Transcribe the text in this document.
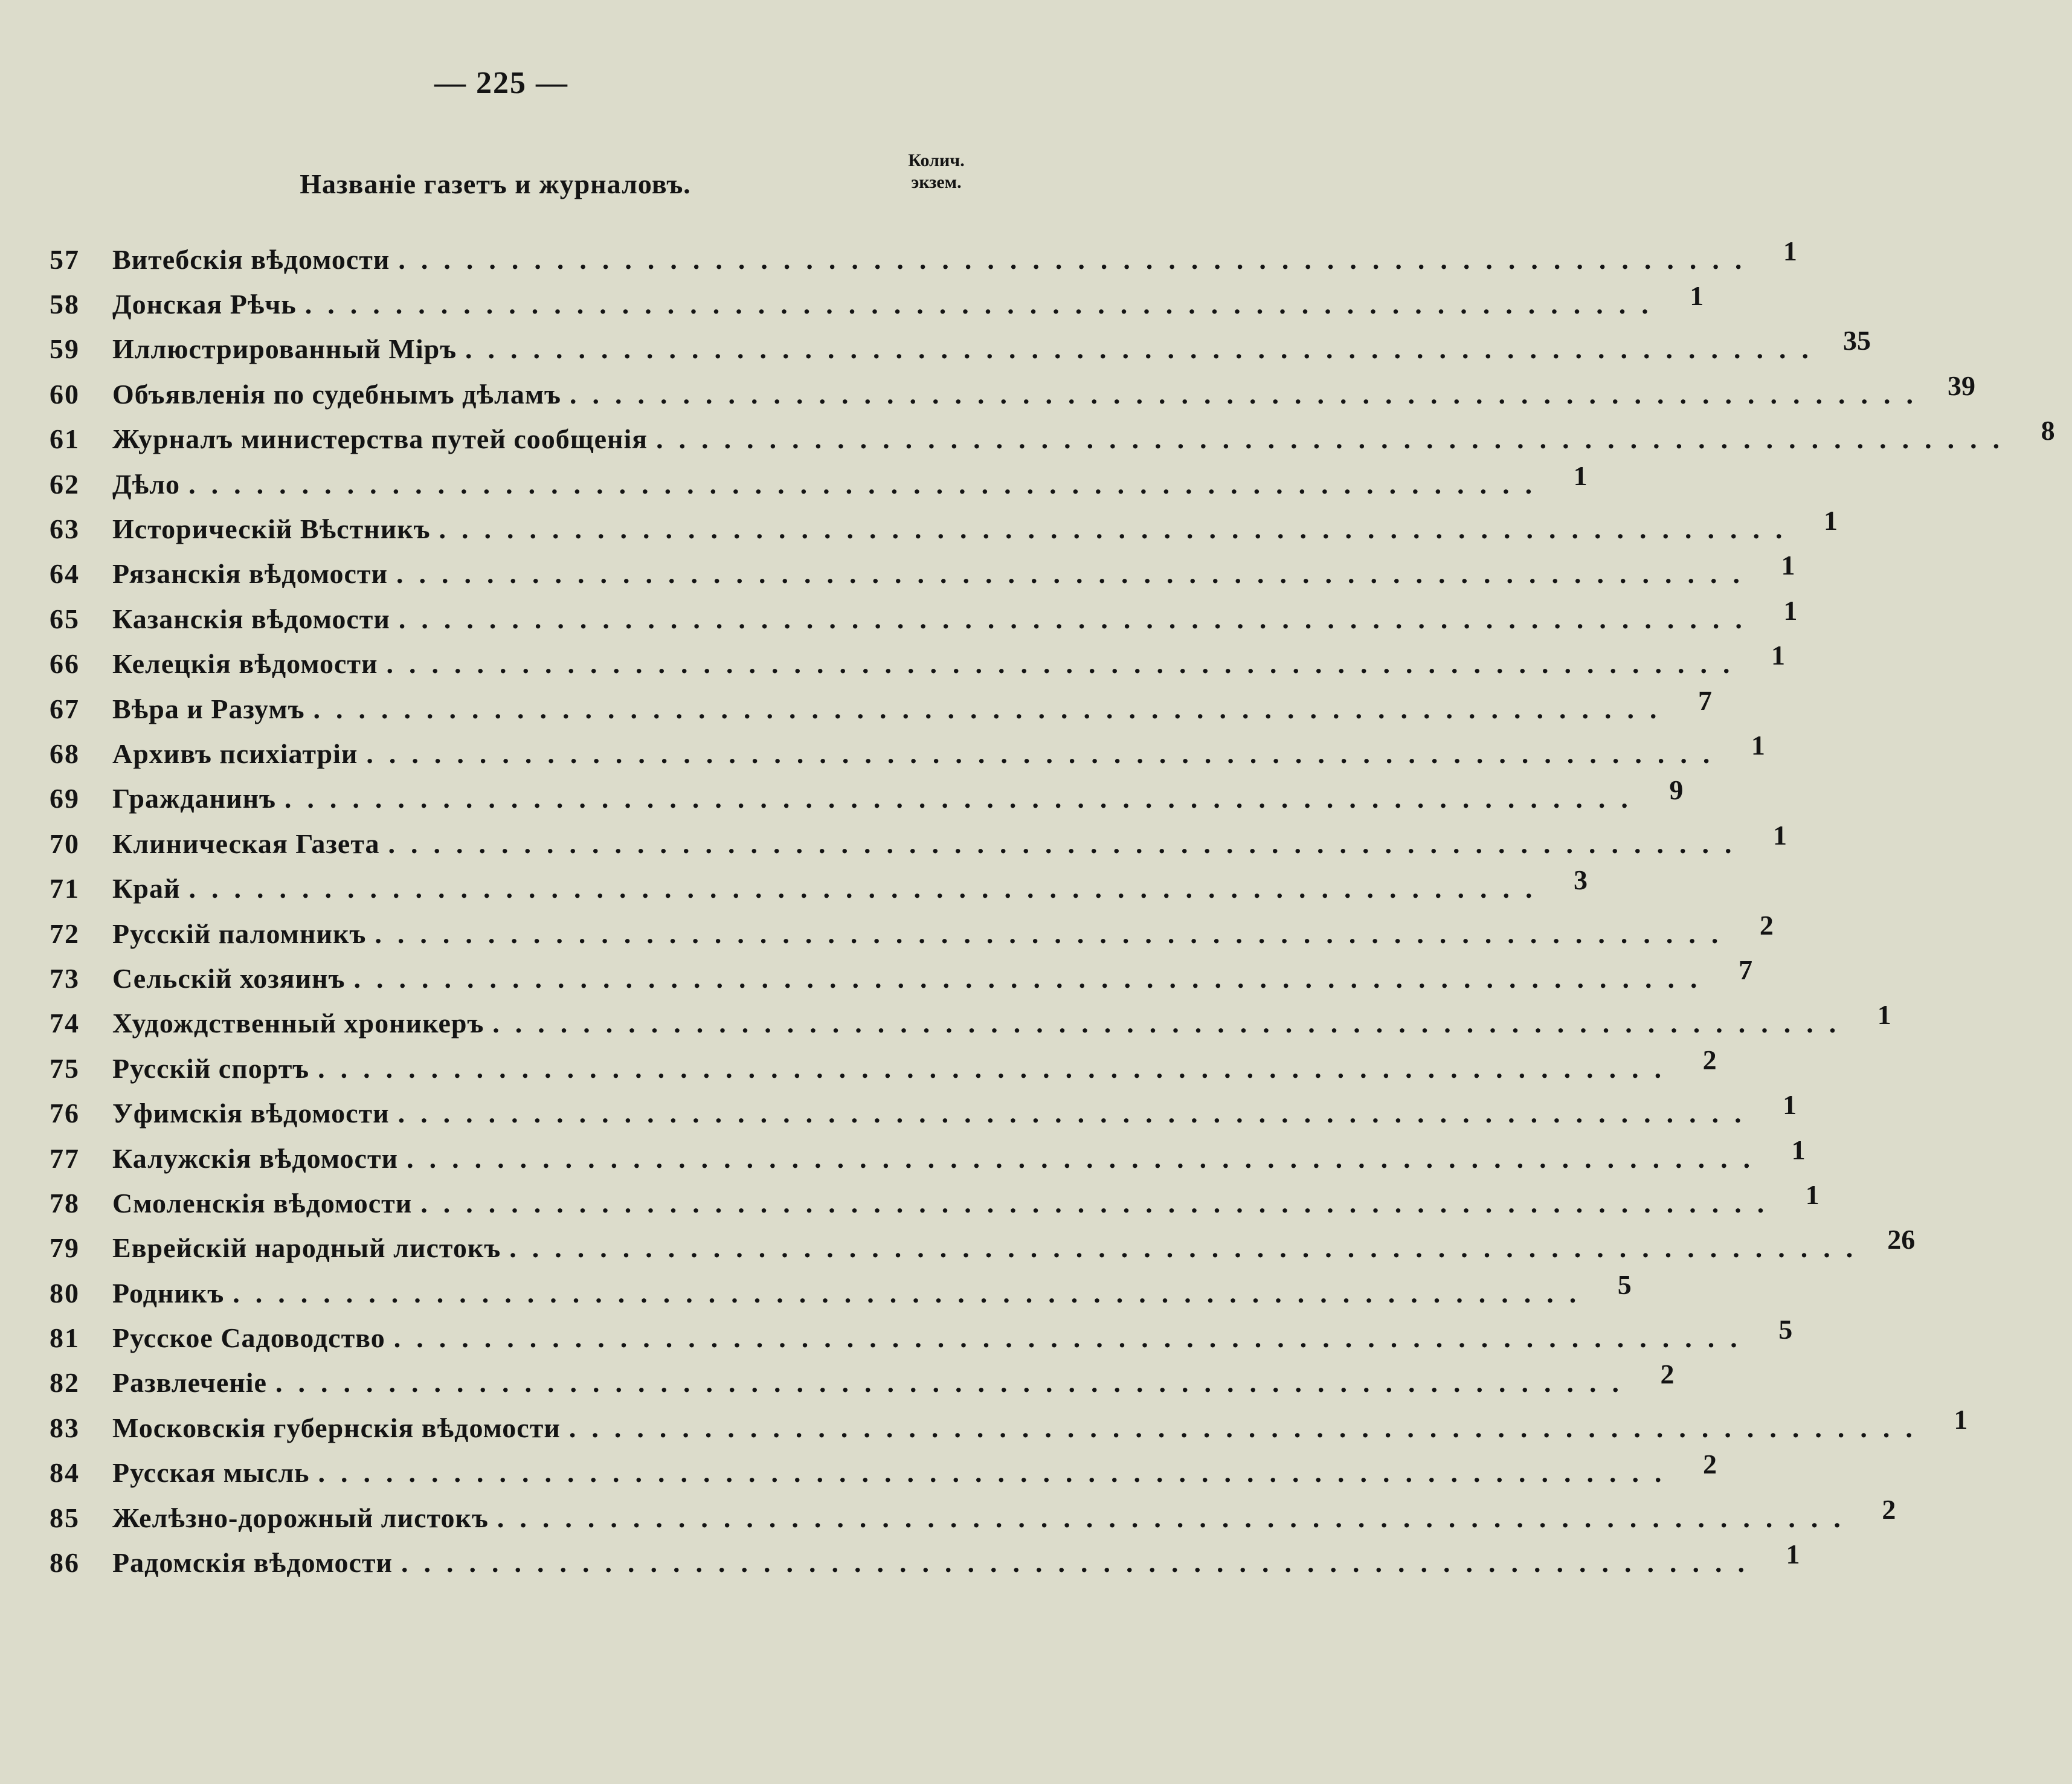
— 225 —
Названіе газетъ и журналовъ.
Колич.
экзем.
57	Витебскія вѣдомости ............................................................ 1
58	Донская Рѣчь ............................................................ 1
59	Иллюстрированный Міръ ............................................................ 35
60	Объявленія по судебнымъ дѣламъ ............................................................ 39
61	Журналъ министерства путей сообщенія ............................................................ 8
62	Дѣло ............................................................ 1
63	Историческій Вѣстникъ ............................................................ 1
64	Рязанскія вѣдомости ............................................................ 1
65	Казанскія вѣдомости ............................................................ 1
66	Келецкія вѣдомости ............................................................ 1
67	Вѣра и Разумъ ............................................................ 7
68	Архивъ психіатріи ............................................................ 1
69	Гражданинъ ............................................................ 9
70	Клиническая Газета ............................................................ 1
71	Край ............................................................ 3
72	Русскій паломникъ ............................................................ 2
73	Сельскій хозяинъ ............................................................ 7
74	Худождственный хроникеръ ............................................................ 1
75	Русскій спортъ ............................................................ 2
76	Уфимскія вѣдомости ............................................................ 1
77	Калужскія вѣдомости ............................................................ 1
78	Смоленскія вѣдомости ............................................................ 1
79	Еврейскій народный листокъ ............................................................ 26
80	Родникъ ............................................................ 5
81	Русское Садоводство ............................................................ 5
82	Развлеченіе ............................................................ 2
83	Московскія губернскія вѣдомости ............................................................ 1
84	Русская мысль ............................................................ 2
85	Желѣзно-дорожный листокъ ............................................................ 2
86	Радомскія вѣдомости ............................................................ 1
